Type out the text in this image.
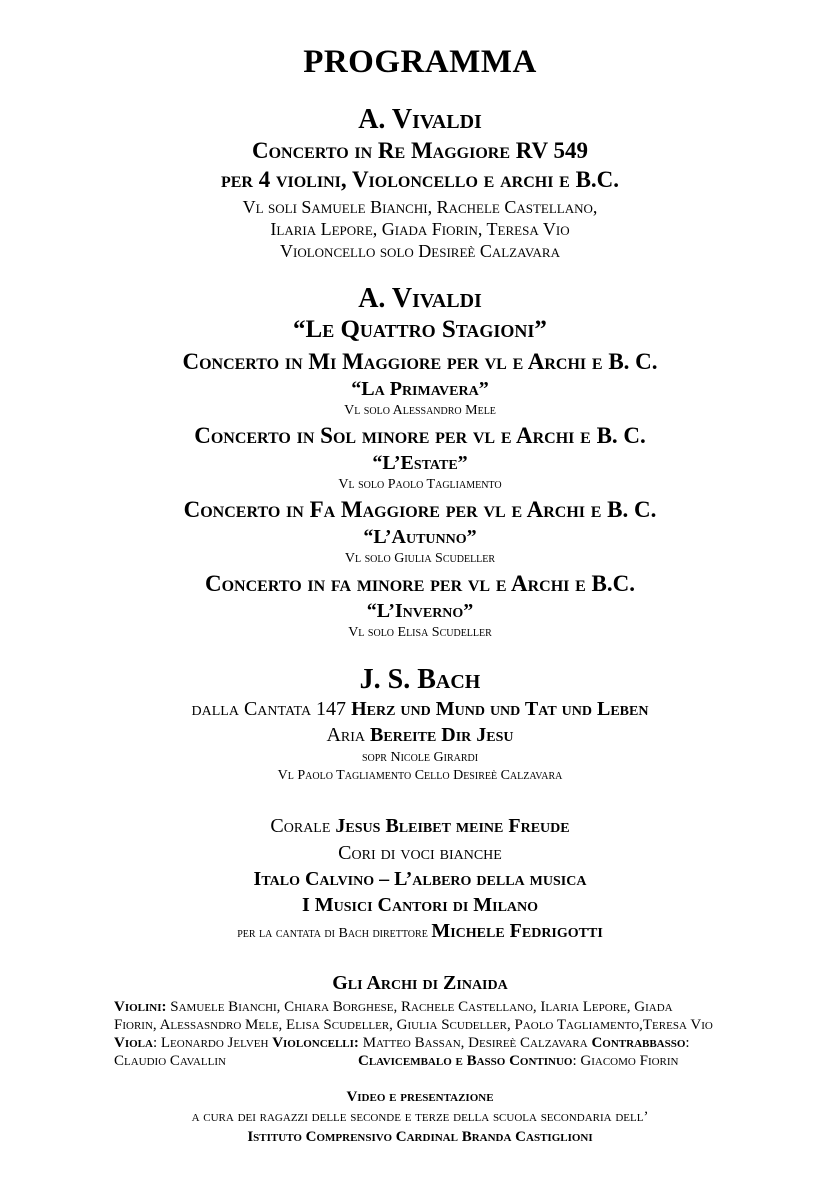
PROGRAMMA
A. Vivaldi
Concerto in Re Maggiore RV 549
per 4 violini, Violoncello e archi e B.C.
Vl soli Samuele Bianchi, Rachele Castellano,
Ilaria Lepore, Giada Fiorin, Teresa Vio
Violoncello solo Desireè Calzavara
A. Vivaldi
“Le Quattro Stagioni”
Concerto in Mi Maggiore per vl e Archi e B. C.
“La Primavera”
Vl solo Alessandro Mele
Concerto in Sol minore per vl e Archi e B. C.
“L’Estate”
Vl solo Paolo Tagliamento
Concerto in Fa Maggiore per vl e Archi e B. C.
“L’Autunno”
Vl solo Giulia Scudeller
Concerto in fa minore per vl e Archi e B.C.
“L’Inverno”
Vl solo Elisa Scudeller
J. S. Bach
dalla Cantata 147 Herz und Mund und Tat und Leben
Aria Bereite Dir Jesu
sopr Nicole Girardi
Vl Paolo Tagliamento Cello Desireè Calzavara
Corale Jesus Bleibet meine Freude
Cori di voci bianche
Italo Calvino – L’albero della musica
I Musici Cantori di Milano
per la cantata di Bach direttore Michele Fedrigotti
Gli Archi di Zinaida
Violini: Samuele Bianchi, Chiara Borghese, Rachele Castellano, Ilaria Lepore, Giada
Fiorin, Alessasndro Mele, Elisa Scudeller, Giulia Scudeller, Paolo Tagliamento,Teresa Vio
Viola: Leonardo Jelveh Violoncelli: Matteo Bassan, Desireè Calzavara Contrabbasso:
Claudio Cavallin	Clavicembalo e Basso Continuo: Giacomo Fiorin
Video e presentazione
a cura dei ragazzi delle seconde e terze della scuola secondaria dell’
Istituto Comprensivo Cardinal Branda Castiglioni
